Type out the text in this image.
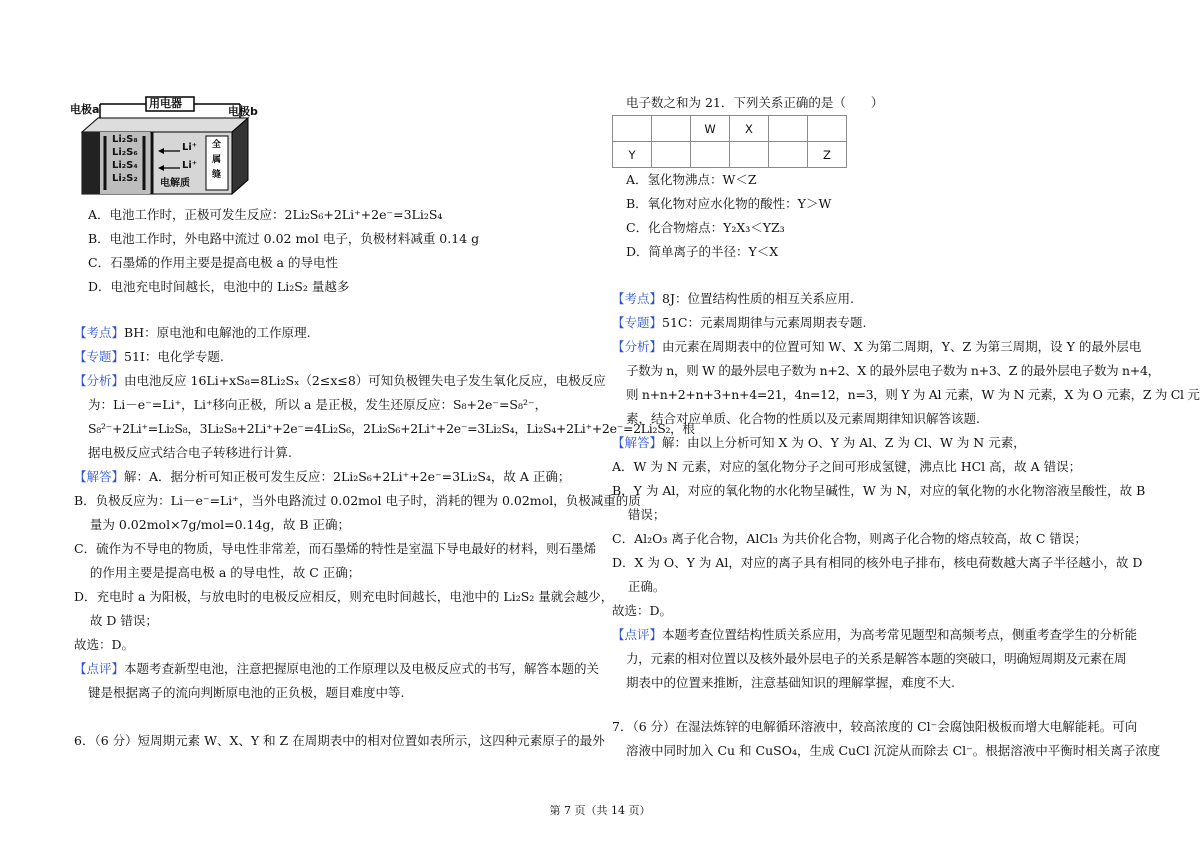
电极a	电极b
用电器
Li₂S₈
Li₂S₆
Li₂S₄
Li₂S₂
Li⁺
Li⁺
电解质
全
属
缝
A．电池工作时，正极可发生反应：2Li₂S₆+2Li⁺+2e⁻=3Li₂S₄
B．电池工作时，外电路中流过 0.02 mol 电子，负极材料减重 0.14 g
C．石墨烯的作用主要是提高电极 a 的导电性
D．电池充电时间越长，电池中的 Li₂S₂ 量越多
【考点】BH：原电池和电解池的工作原理.
【专题】51I：电化学专题.
【分析】由电池反应 16Li+xS₈=8Li₂Sₓ（2≤x≤8）可知负极锂失电子发生氧化反应，电极反应
为：Li－e⁻=Li⁺，Li⁺移向正极，所以 a 是正极，发生还原反应：S₈+2e⁻=S₈²⁻，
S₈²⁻+2Li⁺=Li₂S₈，3Li₂S₈+2Li⁺+2e⁻=4Li₂S₆，2Li₂S₆+2Li⁺+2e⁻=3Li₂S₄，Li₂S₄+2Li⁺+2e⁻=2Li₂S₂，根
据电极反应式结合电子转移进行计算.
【解答】解：A．据分析可知正极可发生反应：2Li₂S₆+2Li⁺+2e⁻=3Li₂S₄，故 A 正确；
B．负极反应为：Li－e⁻=Li⁺，当外电路流过 0.02mol 电子时，消耗的锂为 0.02mol，负极减重的质
量为 0.02mol×7g/mol=0.14g，故 B 正确；
C．硫作为不导电的物质，导电性非常差，而石墨烯的特性是室温下导电最好的材料，则石墨烯
的作用主要是提高电极 a 的导电性，故 C 正确；
D．充电时 a 为阳极，与放电时的电极反应相反，则充电时间越长，电池中的 Li₂S₂ 量就会越少，
故 D 错误；
故选：D。
【点评】本题考查新型电池，注意把握原电池的工作原理以及电极反应式的书写，解答本题的关
键是根据离子的流向判断原电池的正负极，题目难度中等.
6．（6 分）短周期元素 W、X、Y 和 Z 在周期表中的相对位置如表所示，这四种元素原子的最外
电子数之和为 21．下列关系正确的是（　　）
		W	X		
Y					Z
A．氢化物沸点：W＜Z
B．氧化物对应水化物的酸性：Y＞W
C．化合物熔点：Y₂X₃＜YZ₃
D．简单离子的半径：Y＜X
【考点】8J：位置结构性质的相互关系应用.
【专题】51C：元素周期律与元素周期表专题.
【分析】由元素在周期表中的位置可知 W、X 为第二周期，Y、Z 为第三周期，设 Y 的最外层电
子数为 n，则 W 的最外层电子数为 n+2、X 的最外层电子数为 n+3、Z 的最外层电子数为 n+4，
则 n+n+2+n+3+n+4=21，4n=12，n=3，则 Y 为 Al 元素，W 为 N 元素，X 为 O 元素，Z 为 Cl 元
素，结合对应单质、化合物的性质以及元素周期律知识解答该题.
【解答】解：由以上分析可知 X 为 O、Y 为 Al、Z 为 Cl、W 为 N 元素，
A．W 为 N 元素，对应的氢化物分子之间可形成氢键，沸点比 HCl 高，故 A 错误；
B．Y 为 Al，对应的氧化物的水化物呈碱性，W 为 N，对应的氧化物的水化物溶液呈酸性，故 B
错误；
C．Al₂O₃ 离子化合物，AlCl₃ 为共价化合物，则离子化合物的熔点较高，故 C 错误；
D．X 为 O、Y 为 Al，对应的离子具有相同的核外电子排布，核电荷数越大离子半径越小，故 D
正确。
故选：D。
【点评】本题考查位置结构性质关系应用，为高考常见题型和高频考点，侧重考查学生的分析能
力，元素的相对位置以及核外最外层电子的关系是解答本题的突破口，明确短周期及元素在周
期表中的位置来推断，注意基础知识的理解掌握，难度不大.
7．（6 分）在湿法炼锌的电解循环溶液中，较高浓度的 Cl⁻会腐蚀阳极板而增大电解能耗。可向
溶液中同时加入 Cu 和 CuSO₄，生成 CuCl 沉淀从而除去 Cl⁻。根据溶液中平衡时相关离子浓度
第 7 页（共 14 页）
